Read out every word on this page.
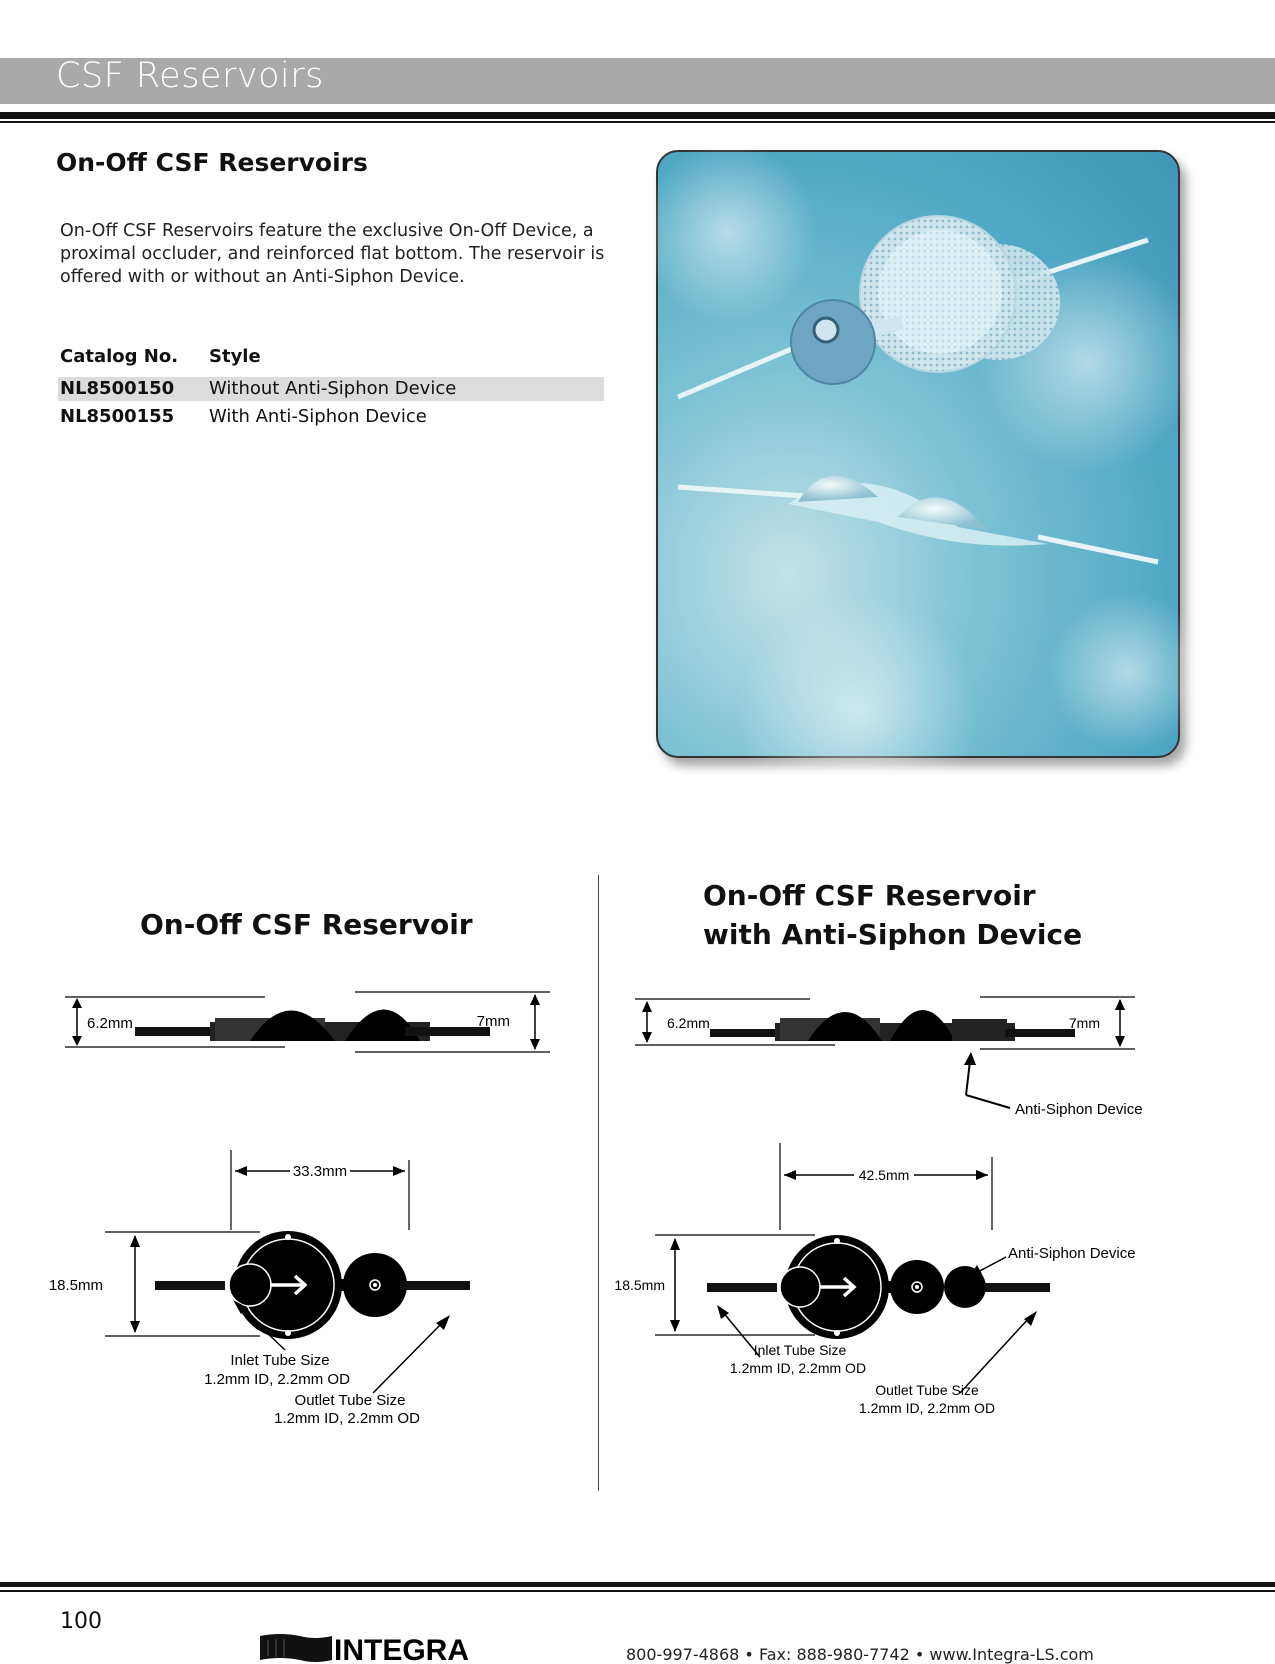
CSF Reservoirs
On-Off CSF Reservoirs
On-Off CSF Reservoirs feature the exclusive On-Off Device, a proximal occluder, and reinforced flat bottom. The reservoir is offered with or without an Anti-Siphon Device.
Catalog No. Style
NL8500150 Without Anti-Siphon Device
NL8500155 With Anti-Siphon Device
On-Off CSF Reservoir
6.2mm	7mm
33.3mm
18.5mm
Inlet Tube Size
1.2mm ID, 2.2mm OD
Outlet Tube Size
1.2mm ID, 2.2mm OD
On-Off CSF Reservoir
with Anti-Siphon Device
6.2mm	7mm
Anti-Siphon Device
42.5mm
18.5mm
Anti-Siphon Device
Inlet Tube Size
1.2mm ID, 2.2mm OD
Outlet Tube Size
1.2mm ID, 2.2mm OD
100
INTEGRA	800-997-4868 • Fax: 888-980-7742 • www.Integra-LS.com
